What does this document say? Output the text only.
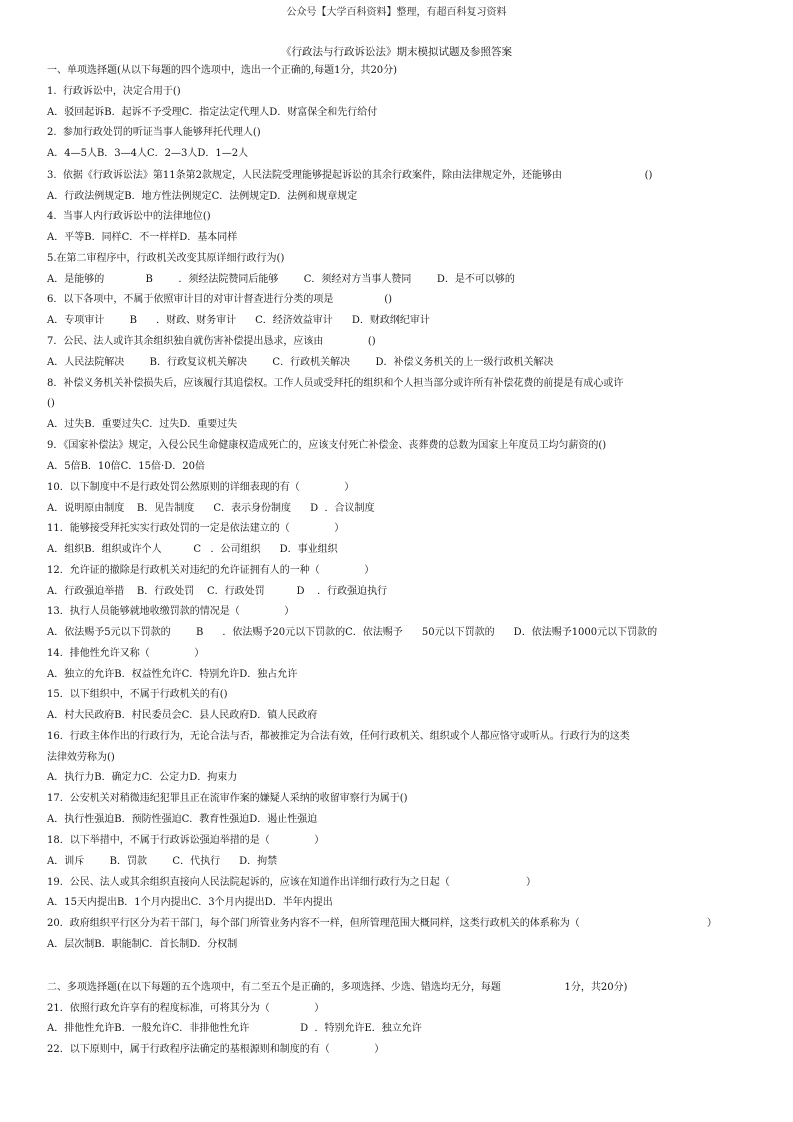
公众号【大学百科资料】整理，有超百科复习资料
《行政法与行政诉讼法》期末模拟试题及参照答案
一、单项选择题(从以下每题的四个选项中，选出一个正确的,每题1分，共20分)
1.  行政诉讼中，决定合用于()
A．驳回起诉B．起诉不予受理C．指定法定代理人D．财富保全和先行给付
2.  参加行政处罚的听证当事人能够拜托代理人()
A．4—5人B．3—4人C．2—3人D．1—2人
3.  依据《行政诉讼法》第11条第2款规定，人民法院受理能够提起诉讼的其余行政案件，除由法律规定外，还能够由                          ()
A．行政法例规定B．地方性法例规定C．法例规定D．法例和规章规定
4.  当事人内行政诉讼中的法律地位()
A．平等B．同样C．不一样样D．基本同样
5.在第二审程序中，行政机关改变其原详细行政行为()
A．是能够的             B        ．须经法院赞同后能够        C．须经对方当事人赞同        D．是不可以够的
6．以下各项中，不属于依照审计目的对审计督查进行分类的项是                ()
A．专项审计        B      ．财政、财务审计      C．经济效益审计      D．财政纲纪审计
7．公民、法人或许其余组织独自就伤害补偿提出恳求，应该由              ()
A．人民法院解决        B．行政复议机关解决        C．行政机关解决        D．补偿义务机关的上一级行政机关解决
8．补偿义务机关补偿损失后，应该履行其追偿权。工作人员或受拜托的组织和个人担当部分或许所有补偿花费的前提是有成心或许
()
A．过失B．重要过失C．过失D．重要过失
9．《国家补偿法》规定，入侵公民生命健康权造成死亡的，应该支付死亡补偿金、丧葬费的总数为国家上年度员工均匀薪资的()
A．5倍B．10倍C．15倍·D．20倍
10．以下制度中不是行政处罚公然原则的详细表现的有（              ）
A．说明原由制度    B．见告制度      C．表示身份制度      D  ．合议制度
11．能够接受拜托实实行政处罚的一定是依法建立的（              ）
A．组织B．组织或许个人          C   ．公司组织      D．事业组织
12．允许证的撤除是行政机关对违纪的允许证拥有人的一种（              ）
A．行政强迫举措    B．行政处罚    C．行政处罚          D    ．行政强迫执行
13．执行人员能够就地收缴罚款的情况是（              ）
A．依法赐予5元以下罚款的        B      ．依法赐予20元以下罚款的C．依法赐予      50元以下罚款的      D．依法赐予1000元以下罚款的
14．排他性允许又称（              ）
A．独立的允许B．权益性允许C．特别允许D．独占允许
15．以下组织中，不属于行政机关的有()
A．村大民政府B．村民委员会C．县人民政府D．镇人民政府
16．行政主体作出的行政行为，无论合法与否，都被推定为合法有效，任何行政机关、组织或个人都应恪守或听从。行政行为的这类
法律效劳称为()
A．执行力B．确定力C．公定力D．拘束力
17．公安机关对稍微违纪犯罪且正在流审作案的嫌疑人采纳的收留审察行为属于()
A．执行性强迫B．预防性强迫C．教育性强迫D．遏止性强迫
18．以下举措中，不属于行政诉讼强迫举措的是（              ）
A．训斥        B．罚款        C．代执行      D．拘禁
19．公民、法人或其余组织直接向人民法院起诉的，应该在知道作出详细行政行为之日起（                        ）
A．15天内提出B．1个月内提出C．3个月内提出D．半年内提出
20．政府组织平行区分为若干部门，每个部门所管业务内容不一样，但所管理范围大概同样，这类行政机关的体系称为（                                        ）
A．层次制B．职能制C．首长制D．分权制
二、多项选择题(在以下每题的五个选项中，有二至五个是正确的，多项选择、少选、错选均无分，每题                    1分，共20分)
21．依照行政允许享有的程度标准，可将其分为（              ）
A．排他性允许B．一般允许C．非排他性允许                D  ．特别允许E．独立允许
22．以下原则中，属于行政程序法确定的基根源则和制度的有（              ）
